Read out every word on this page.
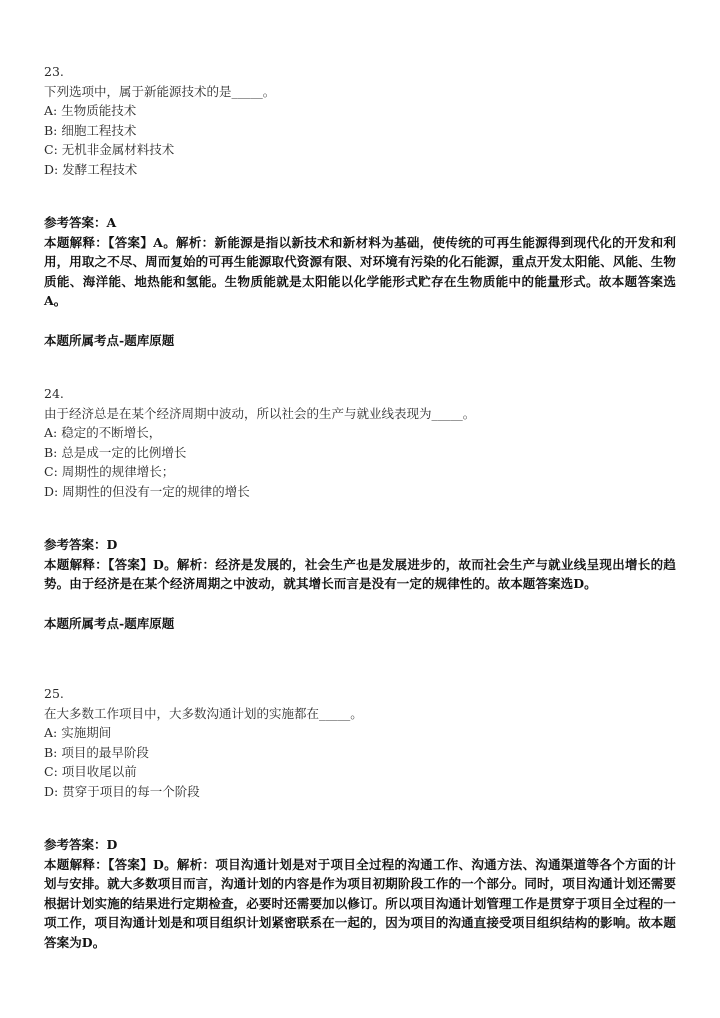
23.
下列选项中，属于新能源技术的是_____。
A: 生物质能技术
B: 细胞工程技术
C: 无机非金属材料技术
D: 发酵工程技术
参考答案：A
本题解释：【答案】A。解析：新能源是指以新技术和新材料为基础，使传统的可再生能源得到现代化的开发和利用，用取之不尽、周而复始的可再生能源取代资源有限、对环境有污染的化石能源，重点开发太阳能、风能、生物质能、海洋能、地热能和氢能。生物质能就是太阳能以化学能形式贮存在生物质能中的能量形式。故本题答案选A。
本题所属考点-题库原题
24.
由于经济总是在某个经济周期中波动，所以社会的生产与就业线表现为_____。
A: 稳定的不断增长，
B: 总是成一定的比例增长
C: 周期性的规律增长；
D: 周期性的但没有一定的规律的增长
参考答案：D
本题解释：【答案】D。解析：经济是发展的，社会生产也是发展进步的，故而社会生产与就业线呈现出增长的趋势。由于经济是在某个经济周期之中波动，就其增长而言是没有一定的规律性的。故本题答案选D。
本题所属考点-题库原题
25.
在大多数工作项目中，大多数沟通计划的实施都在_____。
A: 实施期间
B: 项目的最早阶段
C: 项目收尾以前
D: 贯穿于项目的每一个阶段
参考答案：D
本题解释：【答案】D。解析：项目沟通计划是对于项目全过程的沟通工作、沟通方法、沟通渠道等各个方面的计划与安排。就大多数项目而言，沟通计划的内容是作为项目初期阶段工作的一个部分。同时，项目沟通计划还需要根据计划实施的结果进行定期检查，必要时还需要加以修订。所以项目沟通计划管理工作是贯穿于项目全过程的一项工作，项目沟通计划是和项目组织计划紧密联系在一起的，因为项目的沟通直接受项目组织结构的影响。故本题答案为D。
